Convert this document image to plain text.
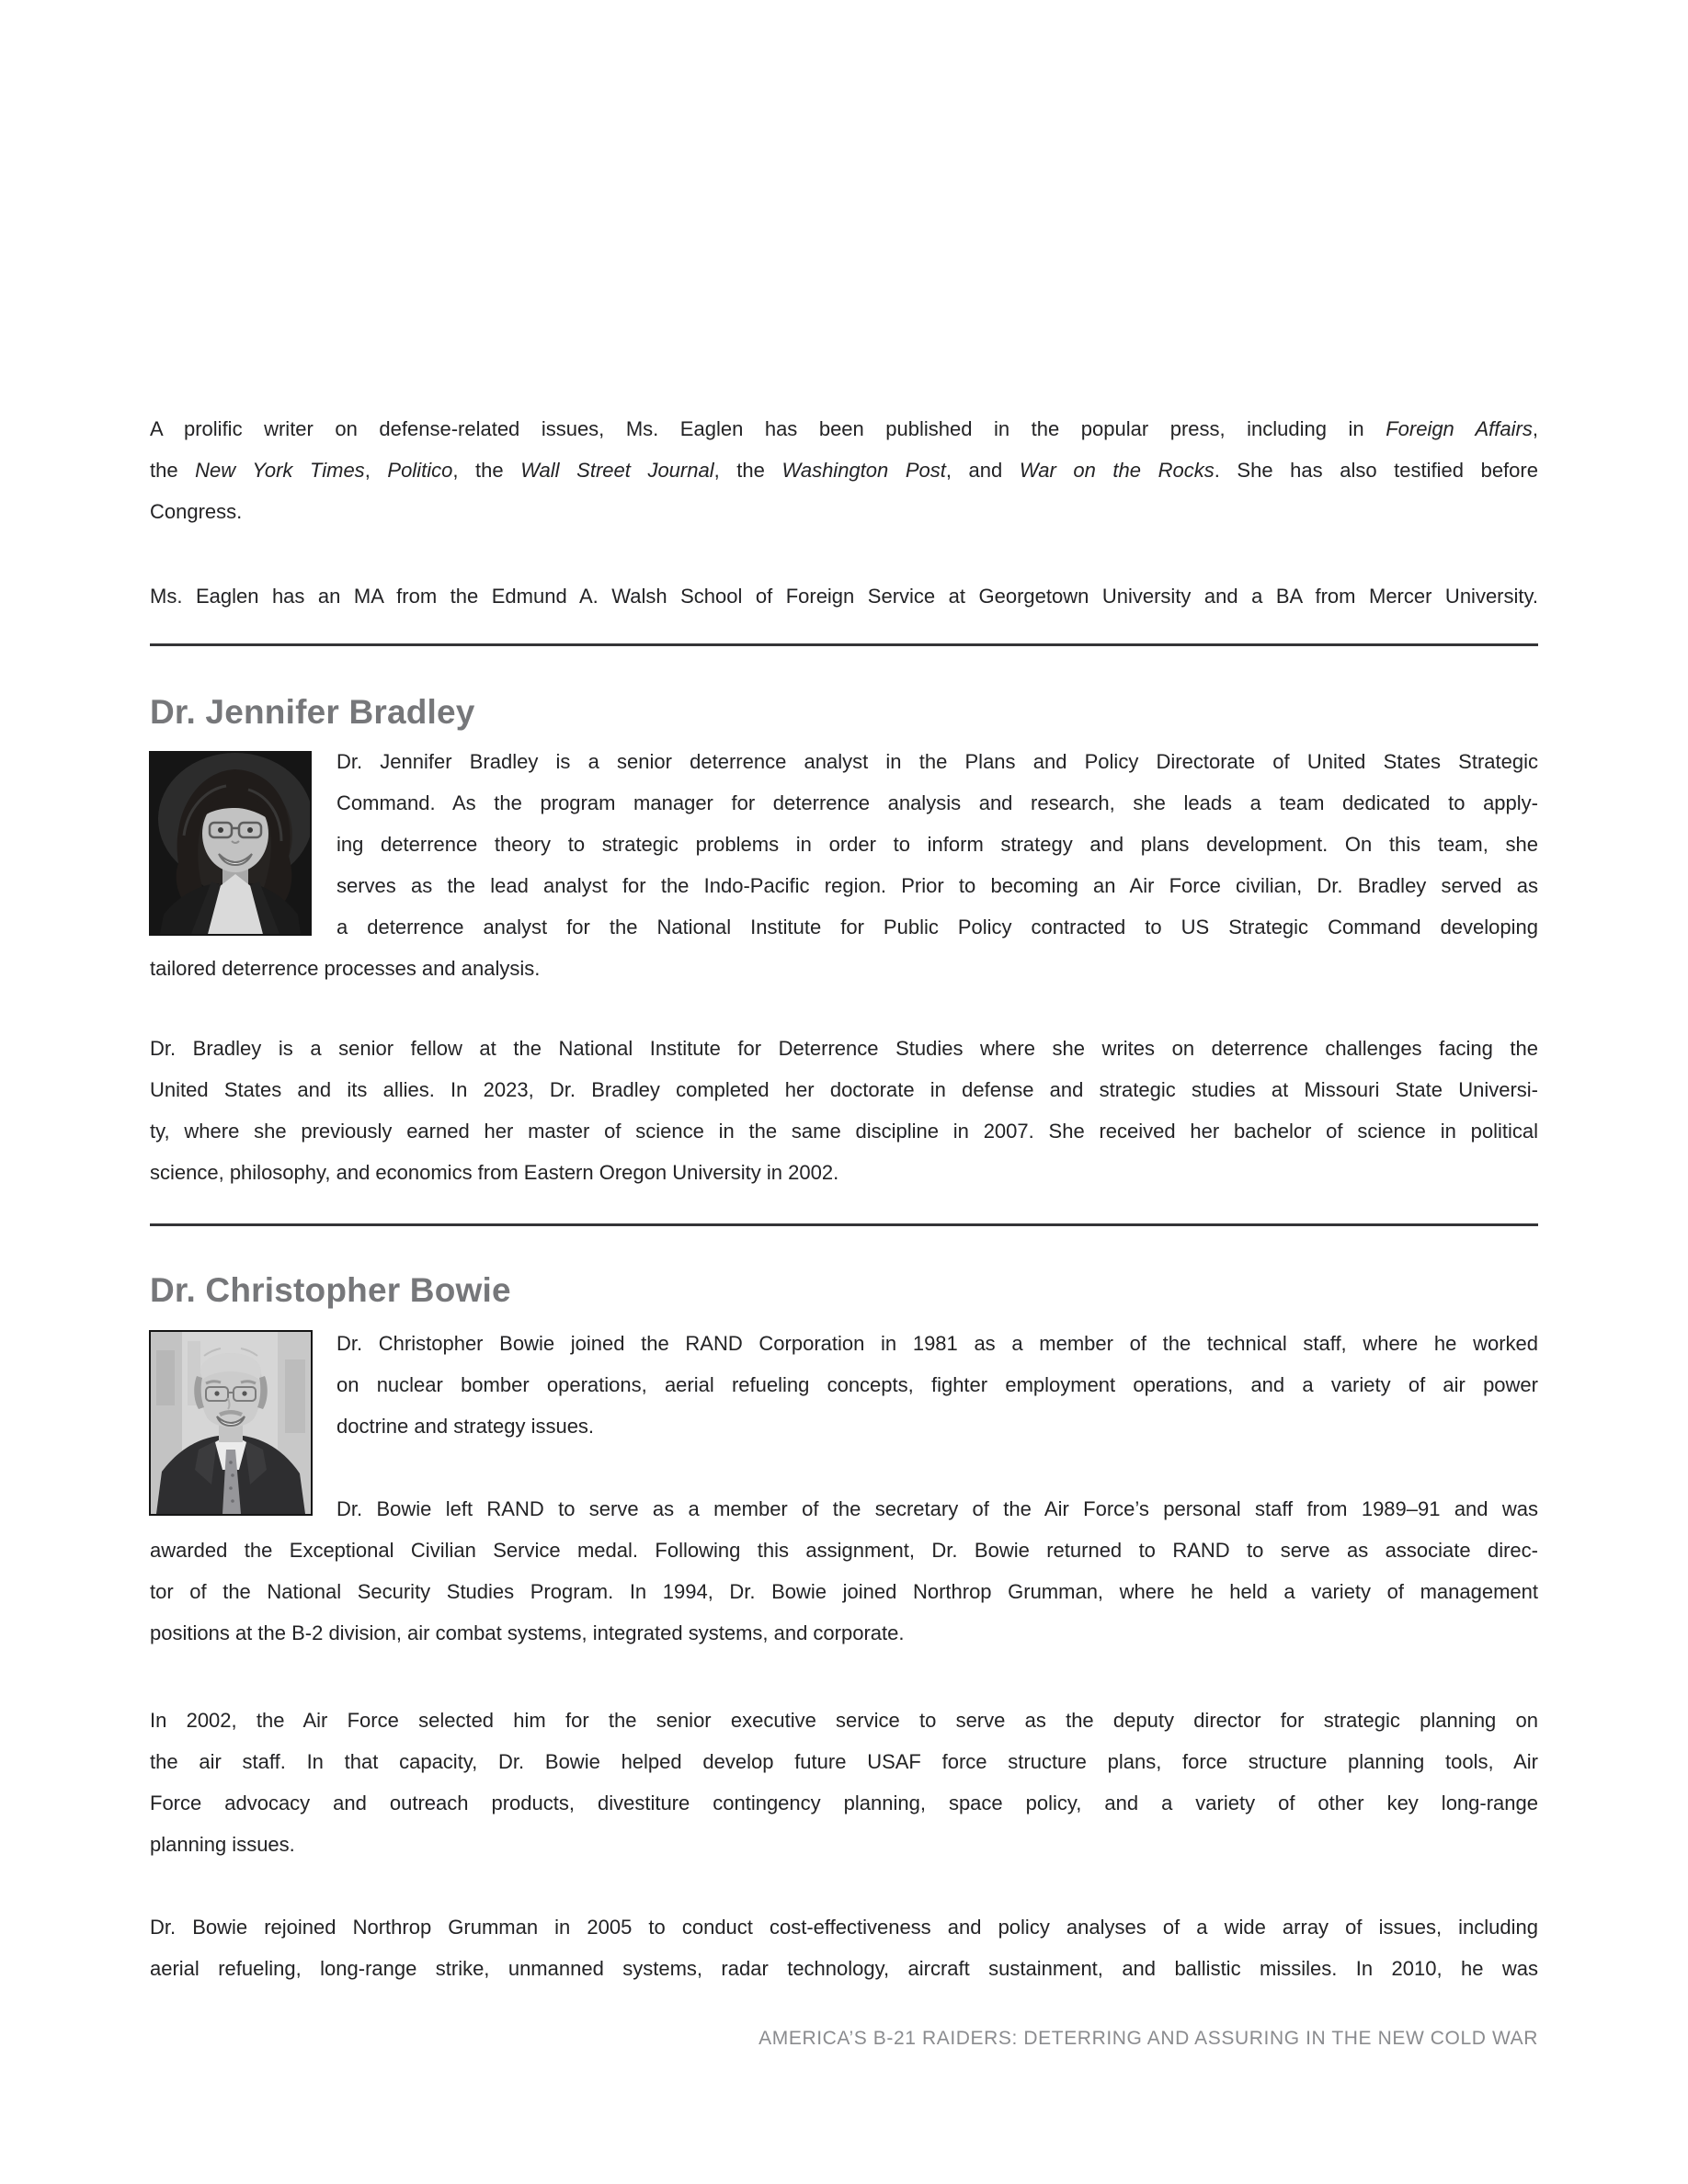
A prolific writer on defense-related issues, Ms. Eaglen has been published in the popular press, including in Foreign Affairs,
the New York Times, Politico, the Wall Street Journal, the Washington Post, and War on the Rocks. She has also testified before
Congress.
Ms. Eaglen has an MA from the Edmund A. Walsh School of Foreign Service at Georgetown University and a BA from Mercer University.
Dr. Jennifer Bradley
Dr. Jennifer Bradley is a senior deterrence analyst in the Plans and Policy Directorate of United States Strategic
Command. As the program manager for deterrence analysis and research, she leads a team dedicated to apply-
ing deterrence theory to strategic problems in order to inform strategy and plans development. On this team, she
serves as the lead analyst for the Indo-Pacific region. Prior to becoming an Air Force civilian, Dr. Bradley served as
a deterrence analyst for the National Institute for Public Policy contracted to US Strategic Command developing
tailored deterrence processes and analysis.
Dr. Bradley is a senior fellow at the National Institute for Deterrence Studies where she writes on deterrence challenges facing the
United States and its allies. In 2023, Dr. Bradley completed her doctorate in defense and strategic studies at Missouri State Universi-
ty, where she previously earned her master of science in the same discipline in 2007. She received her bachelor of science in political
science, philosophy, and economics from Eastern Oregon University in 2002.
Dr. Christopher Bowie
Dr. Christopher Bowie joined the RAND Corporation in 1981 as a member of the technical staff, where he worked
on nuclear bomber operations, aerial refueling concepts, fighter employment operations, and a variety of air power
doctrine and strategy issues.
Dr. Bowie left RAND to serve as a member of the secretary of the Air Force’s personal staff from 1989–91 and was
awarded the Exceptional Civilian Service medal. Following this assignment, Dr. Bowie returned to RAND to serve as associate direc-
tor of the National Security Studies Program. In 1994, Dr. Bowie joined Northrop Grumman, where he held a variety of management
positions at the B-2 division, air combat systems, integrated systems, and corporate.
In 2002, the Air Force selected him for the senior executive service to serve as the deputy director for strategic planning on
the air staff. In that capacity, Dr. Bowie helped develop future USAF force structure plans, force structure planning tools, Air
Force advocacy and outreach products, divestiture contingency planning, space policy, and a variety of other key long-range
planning issues.
Dr. Bowie rejoined Northrop Grumman in 2005 to conduct cost-effectiveness and policy analyses of a wide array of issues, including
aerial refueling, long-range strike, unmanned systems, radar technology, aircraft sustainment, and ballistic missiles. In 2010, he was
AMERICA’S B-21 RAIDERS: DETERRING AND ASSURING IN THE NEW COLD WAR
